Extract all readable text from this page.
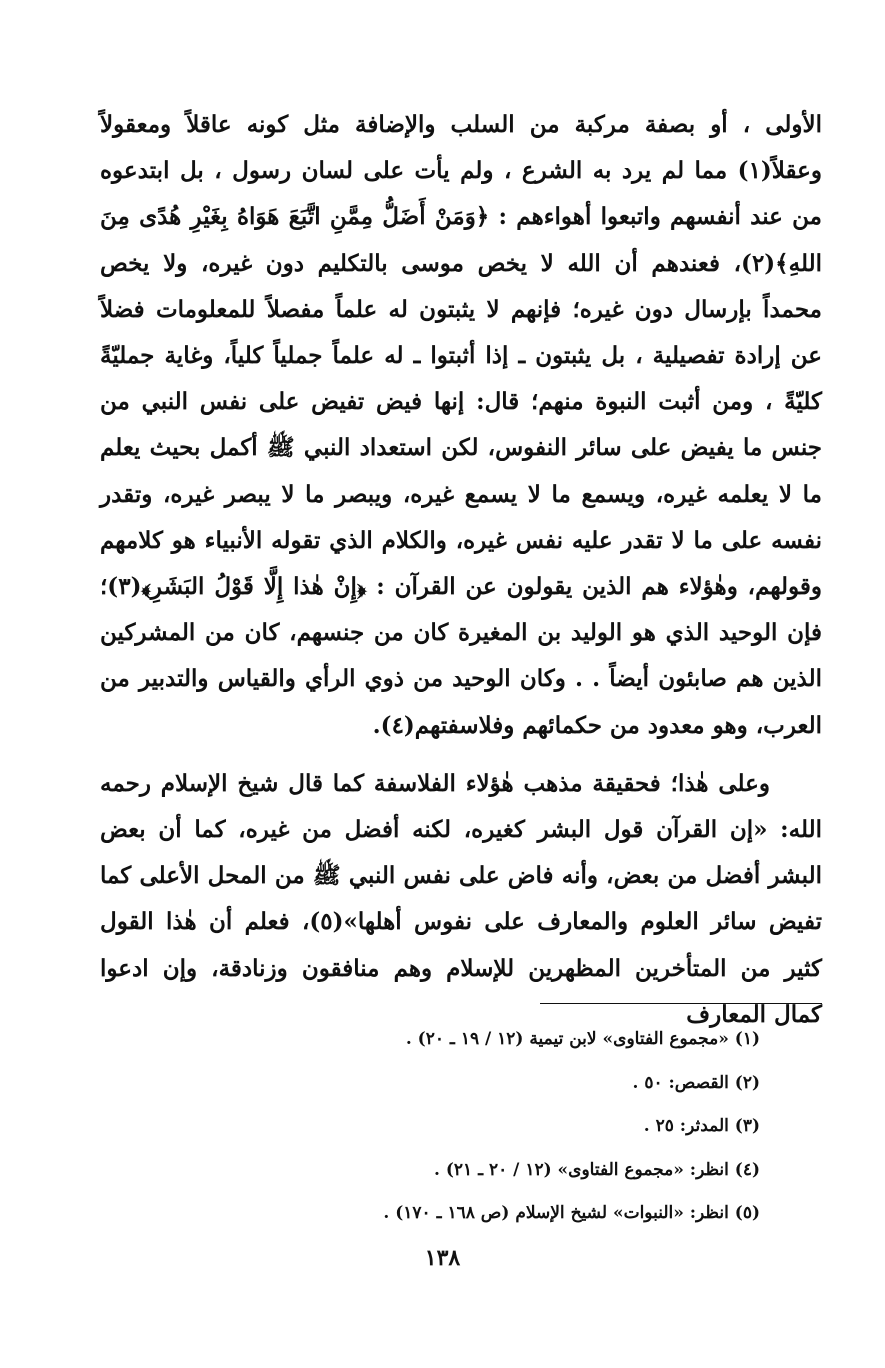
الأولى ، أو بصفة مركبة من السلب والإضافة مثل كونه عاقلاً ومعقولاً وعقلاً(١) مما لم يرد به الشرع ، ولم يأت على لسان رسول ، بل ابتدعوه من عند أنفسهم واتبعوا أهواءهم : ﴿وَمَنْ أَضَلُّ مِمَّنِ اتَّبَعَ هَوَاهُ بِغَيْرِ هُدًى مِنَ اللهِ﴾(٢)، فعندهم أن الله لا يخص موسى بالتكليم دون غيره، ولا يخص محمداً بإرسال دون غيره؛ فإنهم لا يثبتون له علماً مفصلاً للمعلومات فضلاً عن إرادة تفصيلية ، بل يثبتون ـ إذا أثبتوا ـ له علماً جملياً كلياً، وغاية جمليّةً كليّةً ، ومن أثبت النبوة منهم؛ قال: إنها فيض تفيض على نفس النبي من جنس ما يفيض على سائر النفوس، لكن استعداد النبي ﷺ أكمل بحيث يعلم ما لا يعلمه غيره، ويسمع ما لا يسمع غيره، ويبصر ما لا يبصر غيره، وتقدر نفسه على ما لا تقدر عليه نفس غيره، والكلام الذي تقوله الأنبياء هو كلامهم وقولهم، وهٰؤلاء هم الذين يقولون عن القرآن : ﴿إِنْ هٰذا إِلَّا قَوْلُ البَشَرِ﴾(٣)؛ فإن الوحيد الذي هو الوليد بن المغيرة كان من جنسهم، كان من المشركين الذين هم صابئون أيضاً . . وكان الوحيد من ذوي الرأي والقياس والتدبير من العرب، وهو معدود من حكمائهم وفلاسفتهم(٤).

وعلى هٰذا؛ فحقيقة مذهب هٰؤلاء الفلاسفة كما قال شيخ الإسلام رحمه الله: «إن القرآن قول البشر كغيره، لكنه أفضل من غيره، كما أن بعض البشر أفضل من بعض، وأنه فاض على نفس النبي ﷺ من المحل الأعلى كما تفيض سائر العلوم والمعارف على نفوس أهلها»(٥)، فعلم أن هٰذا القول كثير من المتأخرين المظهرين للإسلام وهم منافقون وزنادقة، وإن ادعوا كمال المعارف

(١) «مجموع الفتاوى» لابن تيمية (١٢ / ١٩ ـ ٢٠) .

(٢) القصص: ٥٠ .

(٣) المدثر: ٢٥ .

(٤) انظر: «مجموع الفتاوى» (١٢ / ٢٠ ـ ٢١) .

(٥) انظر: «النبوات» لشيخ الإسلام (ص ١٦٨ ـ ١٧٠) .

١٣٨
